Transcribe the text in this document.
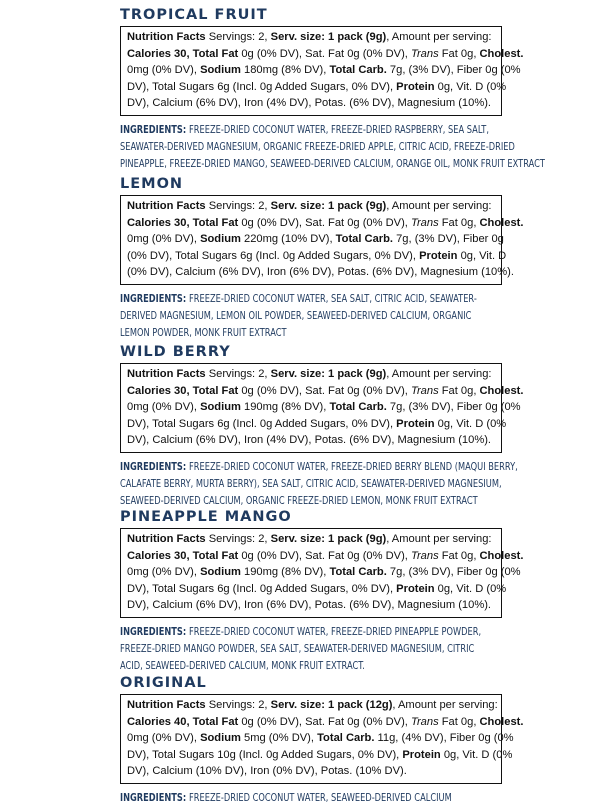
TROPICAL FRUIT
Nutrition Facts Servings: 2, Serv. size: 1 pack (9g), Amount per serving:
Calories 30, Total Fat 0g (0% DV), Sat. Fat 0g (0% DV), Trans Fat 0g, Cholest.
0mg (0% DV), Sodium 180mg (8% DV), Total Carb. 7g, (3% DV), Fiber 0g (0%
DV), Total Sugars 6g (Incl. 0g Added Sugars, 0% DV), Protein 0g, Vit. D (0%
DV), Calcium (6% DV), Iron (4% DV), Potas. (6% DV), Magnesium (10%).
INGREDIENTS: FREEZE-DRIED COCONUT WATER, FREEZE-DRIED RASPBERRY, SEA SALT,
SEAWATER-DERIVED MAGNESIUM, ORGANIC FREEZE-DRIED APPLE, CITRIC ACID, FREEZE-DRIED
PINEAPPLE, FREEZE-DRIED MANGO, SEAWEED-DERIVED CALCIUM, ORANGE OIL, MONK FRUIT EXTRACT
LEMON
Nutrition Facts Servings: 2, Serv. size: 1 pack (9g), Amount per serving:
Calories 30, Total Fat 0g (0% DV), Sat. Fat 0g (0% DV), Trans Fat 0g, Cholest.
0mg (0% DV), Sodium 220mg (10% DV), Total Carb. 7g, (3% DV), Fiber 0g
(0% DV), Total Sugars 6g (Incl. 0g Added Sugars, 0% DV), Protein 0g, Vit. D
(0% DV), Calcium (6% DV), Iron (6% DV), Potas. (6% DV), Magnesium (10%).
INGREDIENTS: FREEZE-DRIED COCONUT WATER, SEA SALT, CITRIC ACID, SEAWATER-
DERIVED MAGNESIUM, LEMON OIL POWDER, SEAWEED-DERIVED CALCIUM, ORGANIC
LEMON POWDER, MONK FRUIT EXTRACT
WILD BERRY
Nutrition Facts Servings: 2, Serv. size: 1 pack (9g), Amount per serving:
Calories 30, Total Fat 0g (0% DV), Sat. Fat 0g (0% DV), Trans Fat 0g, Cholest.
0mg (0% DV), Sodium 190mg (8% DV), Total Carb. 7g, (3% DV), Fiber 0g (0%
DV), Total Sugars 6g (Incl. 0g Added Sugars, 0% DV), Protein 0g, Vit. D (0%
DV), Calcium (6% DV), Iron (4% DV), Potas. (6% DV), Magnesium (10%).
INGREDIENTS: FREEZE-DRIED COCONUT WATER, FREEZE-DRIED BERRY BLEND (MAQUI BERRY,
CALAFATE BERRY, MURTA BERRY), SEA SALT, CITRIC ACID, SEAWATER-DERIVED MAGNESIUM,
SEAWEED-DERIVED CALCIUM, ORGANIC FREEZE-DRIED LEMON, MONK FRUIT EXTRACT
PINEAPPLE MANGO
Nutrition Facts Servings: 2, Serv. size: 1 pack (9g), Amount per serving:
Calories 30, Total Fat 0g (0% DV), Sat. Fat 0g (0% DV), Trans Fat 0g, Cholest.
0mg (0% DV), Sodium 190mg (8% DV), Total Carb. 7g, (3% DV), Fiber 0g (0%
DV), Total Sugars 6g (Incl. 0g Added Sugars, 0% DV), Protein 0g, Vit. D (0%
DV), Calcium (6% DV), Iron (6% DV), Potas. (6% DV), Magnesium (10%).
INGREDIENTS: FREEZE-DRIED COCONUT WATER, FREEZE-DRIED PINEAPPLE POWDER,
FREEZE-DRIED MANGO POWDER, SEA SALT, SEAWATER-DERIVED MAGNESIUM, CITRIC
ACID, SEAWEED-DERIVED CALCIUM, MONK FRUIT EXTRACT.
ORIGINAL
Nutrition Facts Servings: 2, Serv. size: 1 pack (12g), Amount per serving:
Calories 40, Total Fat 0g (0% DV), Sat. Fat 0g (0% DV), Trans Fat 0g, Cholest.
0mg (0% DV), Sodium 5mg (0% DV), Total Carb. 11g, (4% DV), Fiber 0g (0%
DV), Total Sugars 10g (Incl. 0g Added Sugars, 0% DV), Protein 0g, Vit. D (0%
DV), Calcium (10% DV), Iron (0% DV), Potas. (10% DV).
INGREDIENTS: FREEZE-DRIED COCONUT WATER, SEAWEED-DERIVED CALCIUM
